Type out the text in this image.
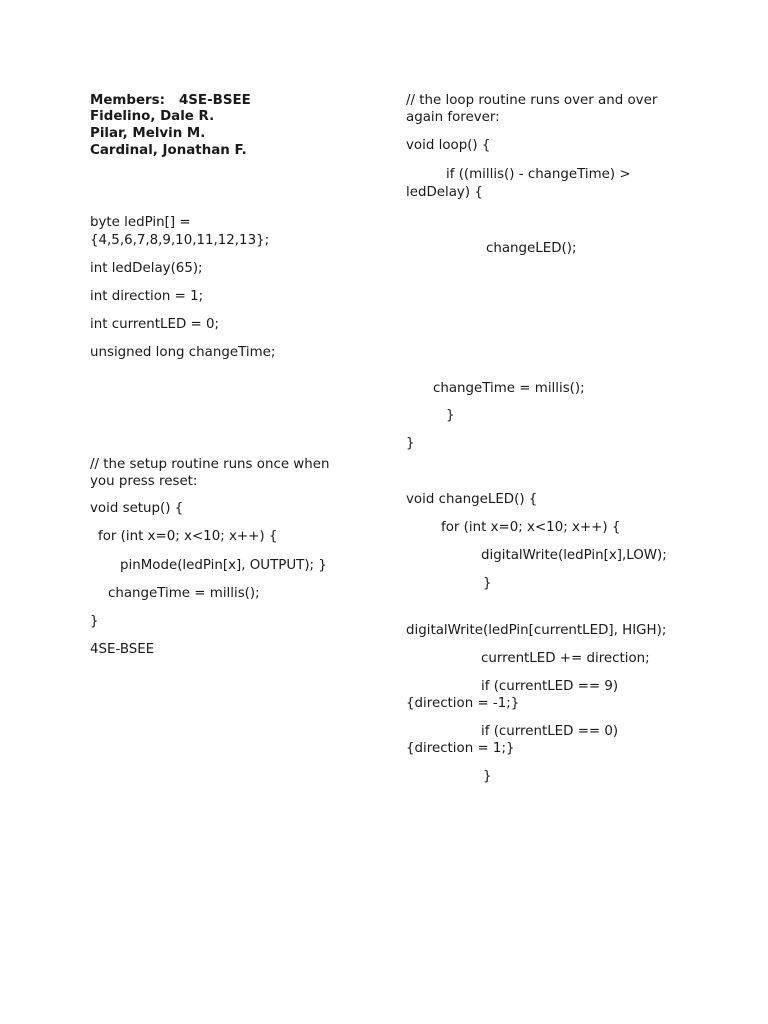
Members: 4SE-BSEE
Fidelino, Dale R.
Pilar, Melvin M.
Cardinal, Jonathan F.
byte ledPin[] =
{4,5,6,7,8,9,10,11,12,13};
int ledDelay(65);
int direction = 1;
int currentLED = 0;
unsigned long changeTime;
// the setup routine runs once when
you press reset:
void setup() {
for (int x=0; x<10; x++) {
pinMode(ledPin[x], OUTPUT); }
changeTime = millis();
}
4SE-BSEE
// the loop routine runs over and over
again forever:
void loop() {
if ((millis() - changeTime) >
ledDelay) {
changeLED();
changeTime = millis();
}
}
void changeLED() {
for (int x=0; x<10; x++) {
digitalWrite(ledPin[x],LOW);
}
digitalWrite(ledPin[currentLED], HIGH);
currentLED += direction;
if (currentLED == 9)
{direction = -1;}
if (currentLED == 0)
{direction = 1;}
}
